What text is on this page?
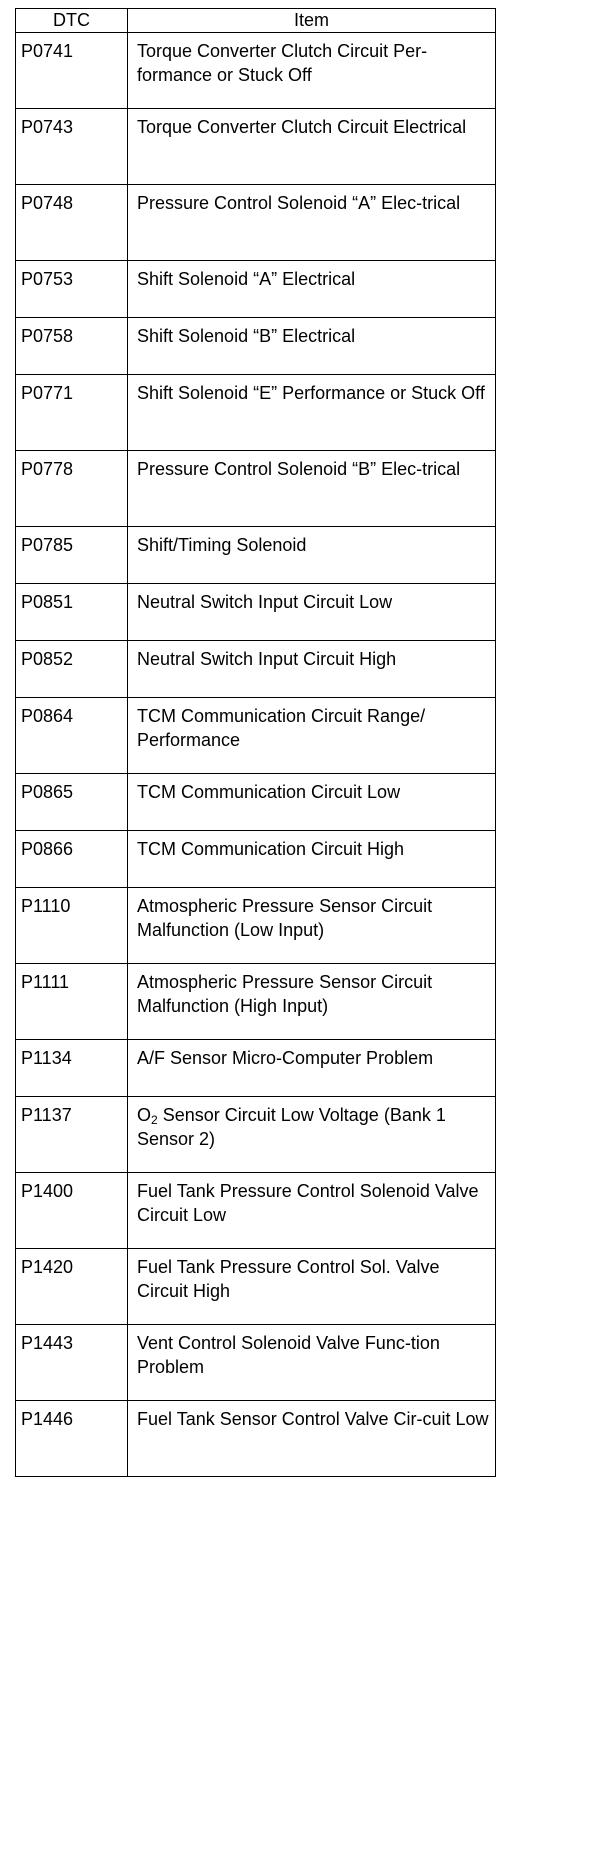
DTC	Item
P0741	Torque Converter Clutch Circuit Per-formance or Stuck Off
P0743	Torque Converter Clutch Circuit Electrical
P0748	Pressure Control Solenoid “A” Elec-trical
P0753	Shift Solenoid “A” Electrical
P0758	Shift Solenoid “B” Electrical
P0771	Shift Solenoid “E” Performance or Stuck Off
P0778	Pressure Control Solenoid “B” Elec-trical
P0785	Shift/Timing Solenoid
P0851	Neutral Switch Input Circuit Low
P0852	Neutral Switch Input Circuit High
P0864	TCM Communication Circuit Range/ Performance
P0865	TCM Communication Circuit Low
P0866	TCM Communication Circuit High
P1110	Atmospheric Pressure Sensor Circuit Malfunction (Low Input)
P1111	Atmospheric Pressure Sensor Circuit Malfunction (High Input)
P1134	A/F Sensor Micro-Computer Problem
P1137	$O_2$ Sensor Circuit Low Voltage (Bank 1 Sensor 2)
P1400	Fuel Tank Pressure Control Solenoid Valve Circuit Low
P1420	Fuel Tank Pressure Control Sol. Valve Circuit High
P1443	Vent Control Solenoid Valve Func-tion Problem
P1446	Fuel Tank Sensor Control Valve Cir-cuit Low
